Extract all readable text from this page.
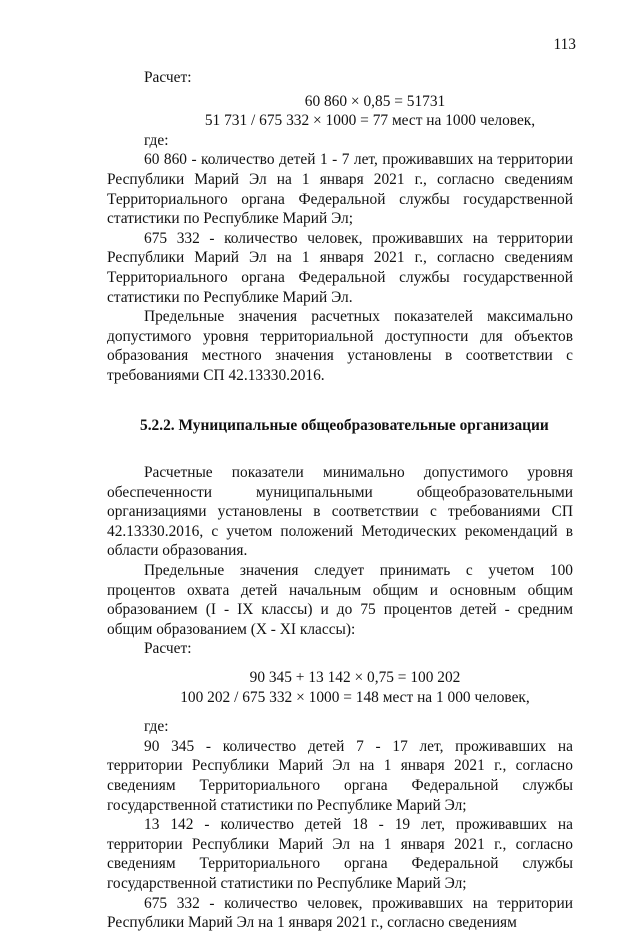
113

Расчет:

60 860 × 0,85 = 51731

51 731 / 675 332 × 1000 = 77 мест на 1000 человек,

где:

60 860 - количество детей 1 - 7 лет, проживавших на территории Республики Марий Эл на 1 января 2021 г., согласно сведениям Территориального органа Федеральной службы государственной статистики по Республике Марий Эл;

675 332 - количество человек, проживавших на территории Республики Марий Эл на 1 января 2021 г., согласно сведениям Территориального органа Федеральной службы государственной статистики по Республике Марий Эл.

Предельные значения расчетных показателей максимально допустимого уровня территориальной доступности для объектов образования местного значения установлены в соответствии с требованиями СП 42.13330.2016.

5.2.2. Муниципальные общеобразовательные организации

Расчетные показатели минимально допустимого уровня обеспеченности муниципальными общеобразовательными организациями установлены в соответствии с требованиями СП 42.13330.2016, с учетом положений Методических рекомендаций в области образования.

Предельные значения следует принимать с учетом 100 процентов охвата детей начальным общим и основным общим образованием (I - IX классы) и до 75 процентов детей - средним общим образованием (X - XI классы):

Расчет:

90 345 + 13 142 × 0,75 = 100 202

100 202 / 675 332 × 1000 = 148 мест на 1 000 человек,

где:

90 345 - количество детей 7 - 17 лет, проживавших на территории Республики Марий Эл на 1 января 2021 г., согласно сведениям Территориального органа Федеральной службы государственной статистики по Республике Марий Эл;

13 142 - количество детей 18 - 19 лет, проживавших на территории Республики Марий Эл на 1 января 2021 г., согласно сведениям Территориального органа Федеральной службы государственной статистики по Республике Марий Эл;

675 332 - количество человек, проживавших на территории Республики Марий Эл на 1 января 2021 г., согласно сведениям
